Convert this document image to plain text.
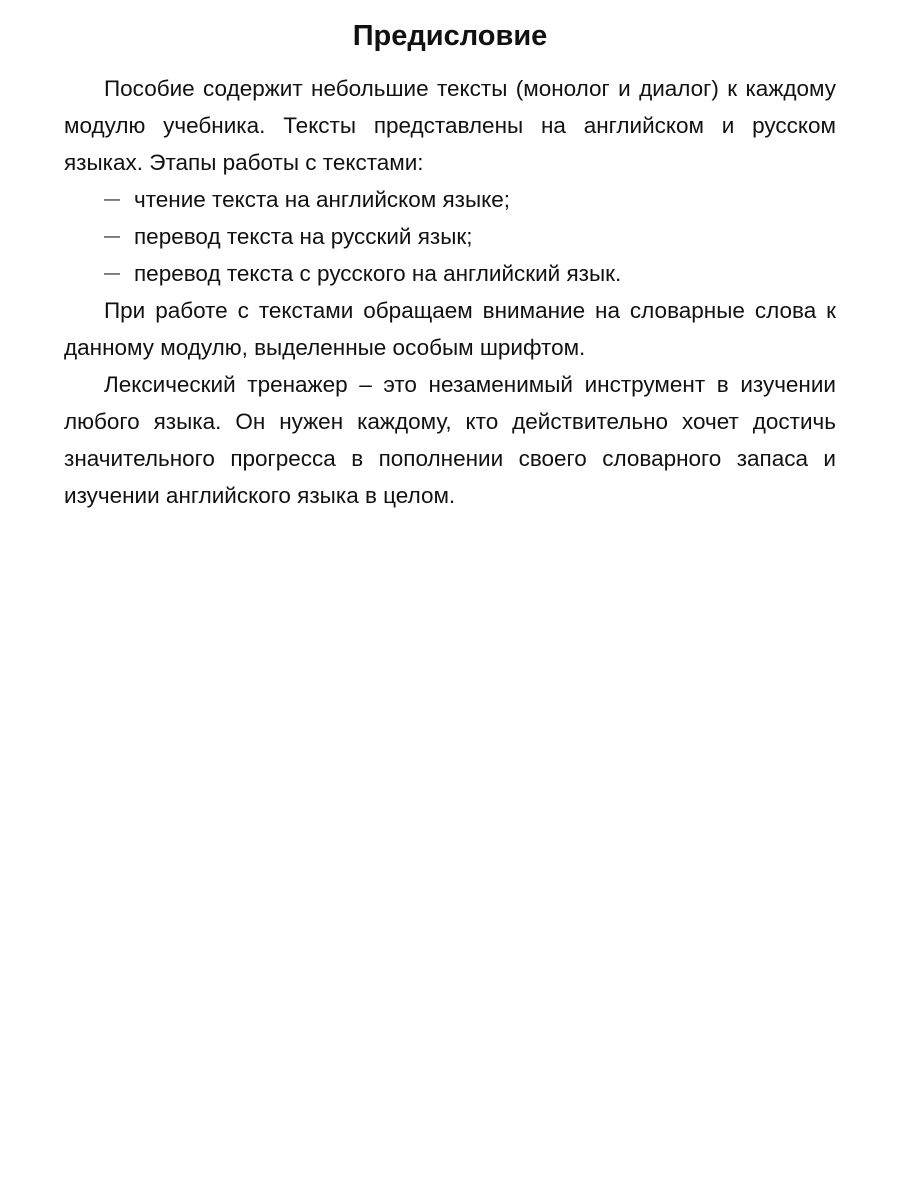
Предисловие

Пособие содержит небольшие тексты (монолог и диалог) к каждому модулю учебника. Тексты представлены на английском и русском языках. Этапы работы с текстами:

— чтение текста на английском языке;
— перевод текста на русский язык;
— перевод текста с русского на английский язык.

При работе с текстами обращаем внимание на словарные слова к данному модулю, выделенные особым шрифтом.

Лексический тренажер – это незаменимый инструмент в изучении любого языка. Он нужен каждому, кто действительно хочет достичь значительного прогресса в пополнении своего словарного запаса и изучении английского языка в целом.
